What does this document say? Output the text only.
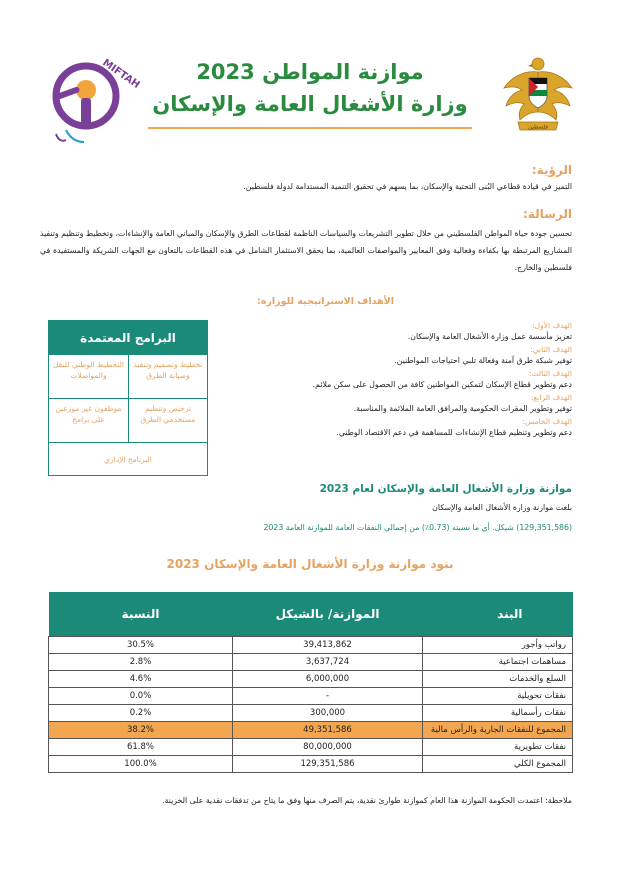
فلسطين
MIFTAH	موازنة المواطن 2023
وزارة الأشغال العامة والإسكان
الرؤية:
التميز في قيادة قطاعي البُنى التحتية والإسكان، بما يسهم في تحقيق التنمية المستدامة لدولة فلسطين.
الرسالة:
تحسين جودة حياة المواطن الفلسطيني من خلال تطوير التشريعات والسياسات الناظمة لقطاعات الطرق والإسكان والمباني العامة والإنشاءات، وتخطيط وتنظيم وتنفيذ المشاريع المرتبطة بها بكفاءة وفعالية وفق المعايير والمواصفات العالمية، بما يحقق الاستثمار الشامل في هذه القطاعات بالتعاون مع الجهات الشريكة والمستفيدة في فلسطين والخارج.
الأهداف الاستراتيجية للوزارة:
الهدف الأول:
تعزيز مأسسة عمل وزارة الأشغال العامة والإسكان.
الهدف الثاني:
توفير شبكة طرق آمنة وفعالة تلبي احتياجات المواطنين.
الهدف الثالث:
دعم وتطوير قطاع الإسكان لتمكين المواطنين كافة من الحصول على سكن ملائم.
الهدف الرابع:
توفير وتطوير المقرات الحكومية والمرافق العامة الملائمة والمناسبة.
الهدف الخامس:
دعم وتطوير وتنظيم قطاع الإنشاءات للمساهمة في دعم الاقتصاد الوطني.
البرامج المعتمدة
تخطيط وتصميم وتنفيذ وصيانة الطرق
التخطيط الوطني للنقل والمواصلات
ترخيص وتنظيم مستخدمي الطرق
موظفون غير موزعين على برامج
البرنامج الإداري
موازنة وزارة الأشغال العامة والإسكان لعام 2023
بلغت موازنة وزارة الأشغال العامة والإسكان
(129,351,586) شيكل. أي ما نسبته (0.73٪) من إجمالي النفقات العامة للموازنة العامة 2023
بنود موازنة وزارة الأشغال العامة والإسكان 2023
البند	الموازنة/ بالشيكل	النسبة
رواتب وأجور	39,413,862	30.5%
مساهمات اجتماعية	3,637,724	2.8%
السلع والخدمات	6,000,000	4.6%
نفقات تحويلية	-	0.0%
نفقات رأسمالية	300,000	0.2%
المجموع للنفقات الجارية والرأس مالية	49,351,586	38.2%
نفقات تطويرية	80,000,000	61.8%
المجموع الكلي	129,351,586	100.0%
ملاحظة: اعتمدت الحكومة الموازنة هذا العام كموازنة طوارئ نقدية، يتم الصرف منها وفق ما يتاح من تدفقات نقدية على الخزينة.
